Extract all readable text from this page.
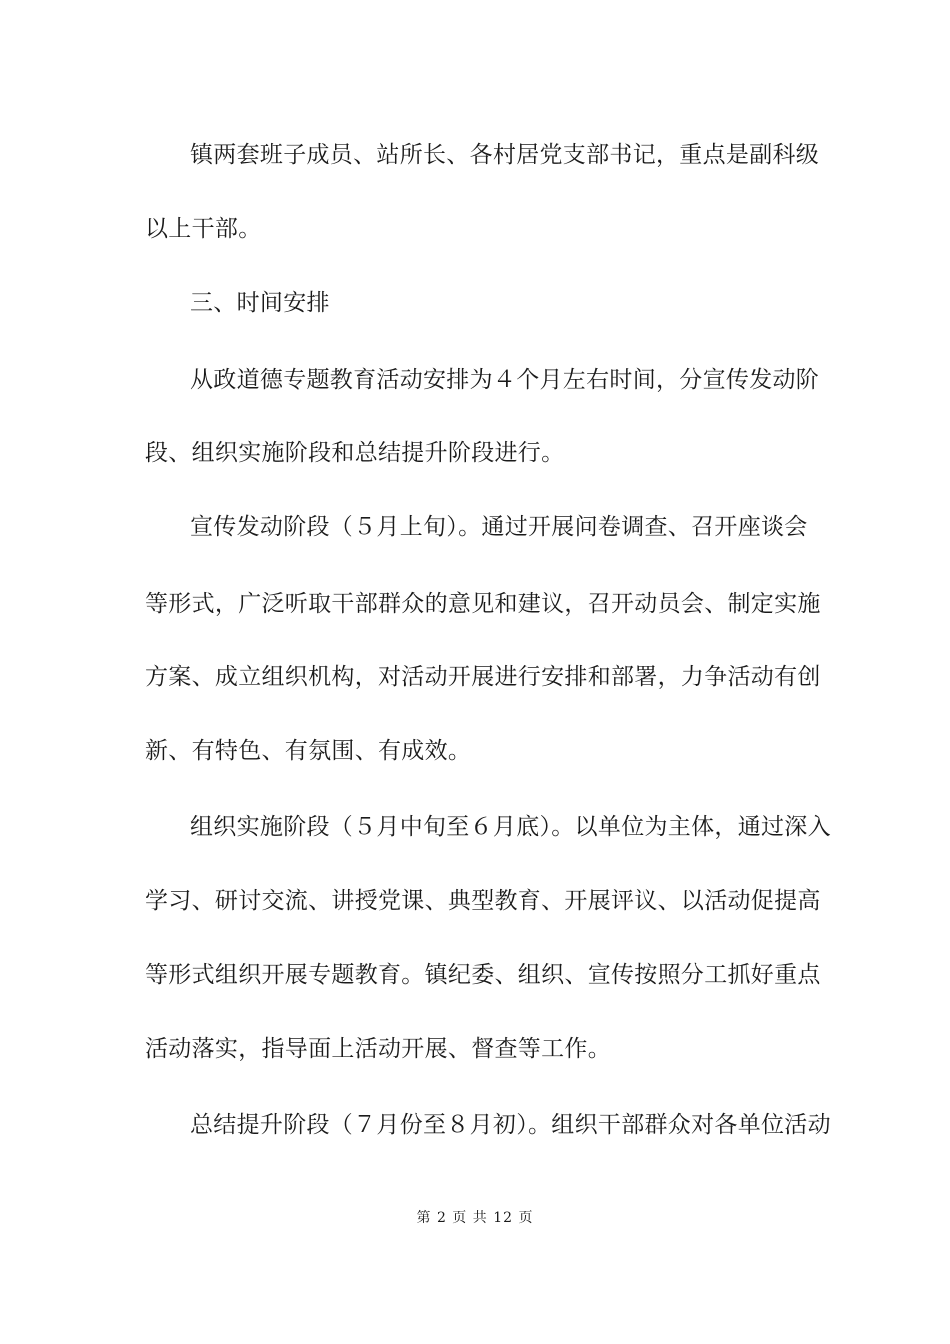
镇两套班子成员、站所长、各村居党支部书记，重点是副科级
以上干部。
三、时间安排
从政道德专题教育活动安排为４个月左右时间，分宣传发动阶
段、组织实施阶段和总结提升阶段进行。
宣传发动阶段（５月上旬）。通过开展问卷调查、召开座谈会
等形式，广泛听取干部群众的意见和建议，召开动员会、制定实施
方案、成立组织机构，对活动开展进行安排和部署，力争活动有创
新、有特色、有氛围、有成效。
组织实施阶段（５月中旬至６月底）。以单位为主体，通过深入
学习、研讨交流、讲授党课、典型教育、开展评议、以活动促提高
等形式组织开展专题教育。镇纪委、组织、宣传按照分工抓好重点
活动落实，指导面上活动开展、督查等工作。
总结提升阶段（７月份至８月初）。组织干部群众对各单位活动
第 2 页 共 12 页
